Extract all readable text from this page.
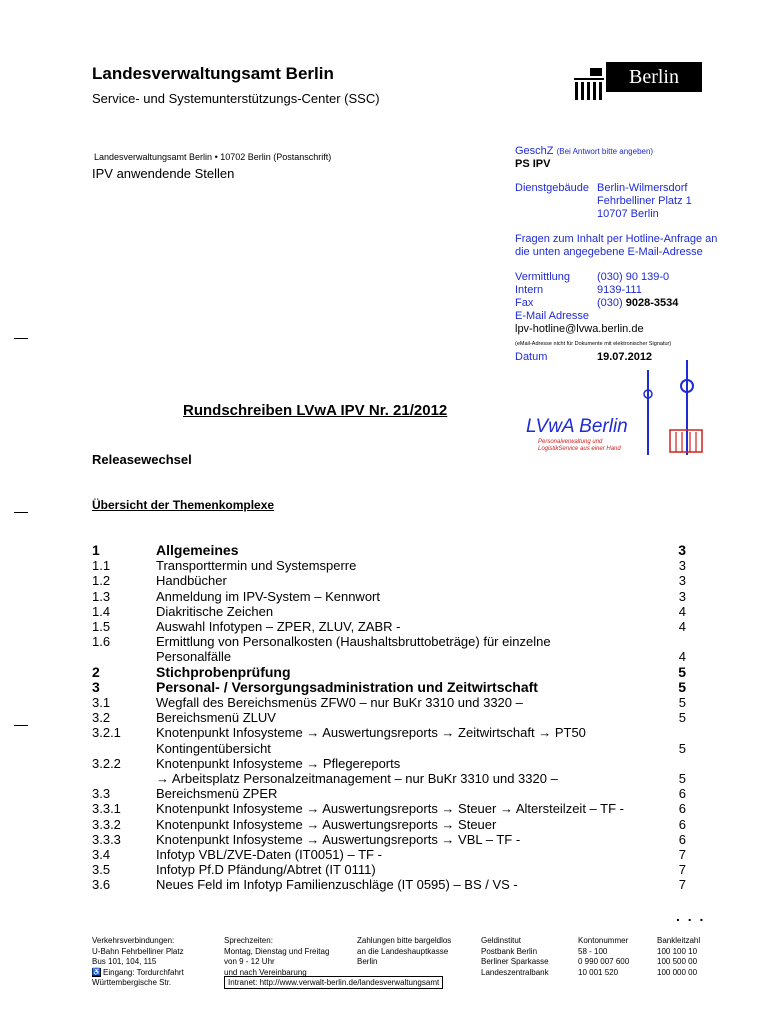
Landesverwaltungsamt Berlin
Service- und Systemunterstützungs-Center (SSC)
Berlin
Landesverwaltungsamt Berlin • 10702 Berlin (Postanschrift)
IPV anwendende Stellen
GeschZ (Bei Antwort bitte angeben)
PS IPV
Dienstgebäude Berlin-Wilmersdorf
Fehrbelliner Platz 1
10707 Berlin
Fragen zum Inhalt per Hotline-Anfrage an
die unten angegebene E-Mail-Adresse
Vermittlung (030) 90 139-0
Intern	9139-111
Fax	(030) 9028-3534
E-Mail Adresse
lpv-hotline@lvwa.berlin.de
(eMail-Adresse nicht für Dokumente mit elektronischer Signatur)
Datum	19.07.2012
LVwA Berlin
Personalverwaltung und
LogistikService aus einer Hand
Rundschreiben LVwA IPV Nr. 21/2012
Releasewechsel
Übersicht der Themenkomplexe
1	Allgemeines	3
1.1	Transporttermin und Systemsperre	3
1.2	Handbücher	3
1.3	Anmeldung im IPV-System – Kennwort	3
1.4	Diakritische Zeichen	4
1.5	Auswahl Infotypen – ZPER, ZLUV, ZABR -	4
1.6	Ermittlung von Personalkosten (Haushaltsbruttobeträge) für einzelne
Personalfälle	4
2	Stichprobenprüfung	5
3	Personal- / Versorgungsadministration und Zeitwirtschaft	5
3.1	Wegfall des Bereichsmenüs ZFW0 – nur BuKr 3310 und 3320 –	5
3.2	Bereichsmenü ZLUV	5
3.2.1	Knotenpunkt Infosysteme → Auswertungsreports → Zeitwirtschaft → PT50
Kontingentübersicht	5
3.2.2	Knotenpunkt Infosysteme → Pflegereports
→ Arbeitsplatz Personalzeitmanagement – nur BuKr 3310 und 3320 –	5
3.3	Bereichsmenü ZPER	6
3.3.1	Knotenpunkt Infosysteme → Auswertungsreports → Steuer → Altersteilzeit – TF -	6
3.3.2	Knotenpunkt Infosysteme → Auswertungsreports → Steuer	6
3.3.3	Knotenpunkt Infosysteme → Auswertungsreports → VBL – TF -	6
3.4	Infotyp VBL/ZVE-Daten (IT0051) – TF -	7
3.5	Infotyp Pf.D Pfändung/Abtret (IT 0111)	7
3.6	Neues Feld im Infotyp Familienzuschläge (IT 0595) – BS / VS -	7
. . .
Verkehrsverbindungen:
U-Bahn Fehrbelliner Platz
Bus 101, 104, 115
♿ Eingang: Tordurchfahrt
Württembergische Str.
Sprechzeiten:
Montag, Dienstag und Freitag
von 9 - 12 Uhr
und nach Vereinbarung
Zahlungen bitte bargeldlos
an die Landeshauptkasse
Berlin
Geldinstitut
Postbank Berlin
Berliner Sparkasse
Landeszentralbank
Kontonummer
58 - 100
0 990 007 600
10 001 520
Bankleitzahl
100 100 10
100 500 00
100 000 00
Intranet: http://www.verwalt-berlin.de/landesverwaltungsamt
